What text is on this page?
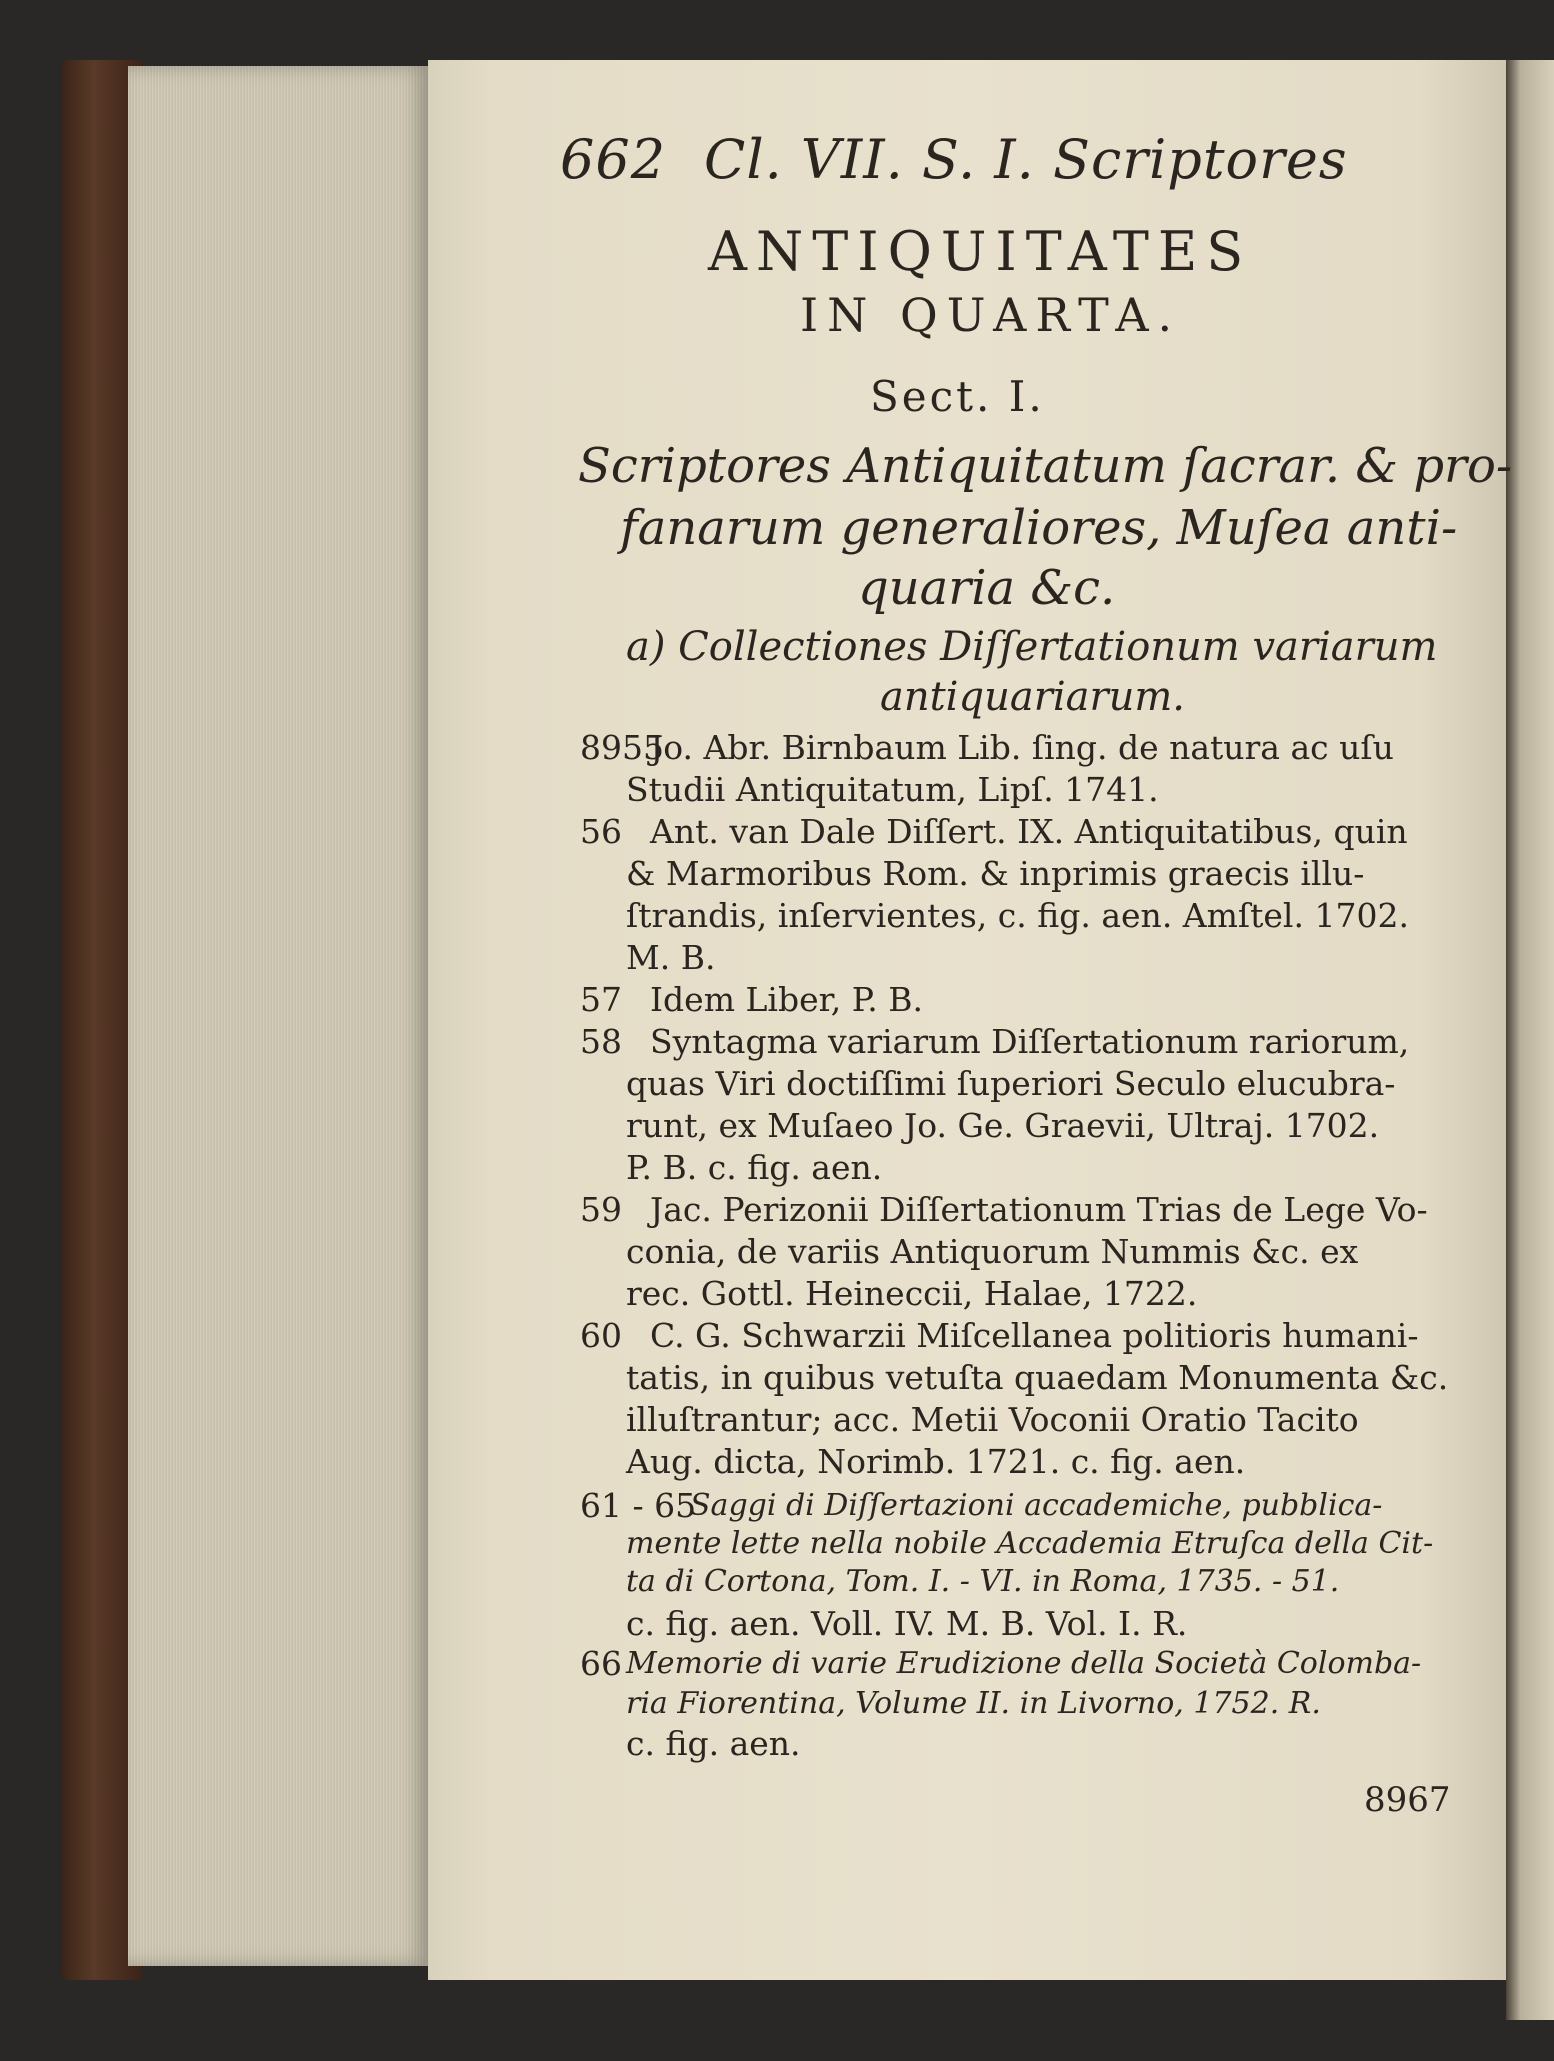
662 Cl. VII. S. I. Scriptores
ANTIQUITATES
IN QUARTA.
Sect. I.
Scriptores Antiquitatum ſacrar. & pro-
fanarum generaliores, Muſea anti-
quaria &c.
a) Collectiones Diſſertationum variarum
antiquariarum.
8955
Jo. Abr. Birnbaum Lib. ſing. de natura ac uſu
Studii Antiquitatum, Lipſ. 1741.
56 Ant. van Dale Diſſert. IX. Antiquitatibus, quin
& Marmoribus Rom. & inprimis graecis illu-
ſtrandis, inſervientes, c. fig. aen. Amſtel. 1702.
M. B.
57 Idem Liber, P. B.
58 Syntagma variarum Diſſertationum rariorum,
quas Viri doctiſſimi ſuperiori Seculo elucubra-
runt, ex Muſaeo Jo. Ge. Graevii, Ultraj. 1702.
P. B. c. fig. aen.
59 Jac. Perizonii Diſſertationum Trias de Lege Vo-
conia, de variis Antiquorum Nummis &c. ex
rec. Gottl. Heineccii, Halae, 1722.
60 C. G. Schwarzii Miſcellanea politioris humani-
tatis, in quibus vetuſta quaedam Monumenta &c.
illuſtrantur; acc. Metii Voconii Oratio Tacito
Aug. dicta, Norimb. 1721. c. fig. aen.
61 - 65
Saggi di Diſſertazioni accademiche, pubblica-
mente lette nella nobile Accademia Etruſca della Cit-
ta di Cortona, Tom. I. - VI. in Roma, 1735. - 51.
c. fig. aen. Voll. IV. M. B. Vol. I. R.
66 Memorie di varie Erudizione della Società Colomba-
ria Fiorentina, Volume II. in Livorno, 1752. R.
c. fig. aen.
8967
